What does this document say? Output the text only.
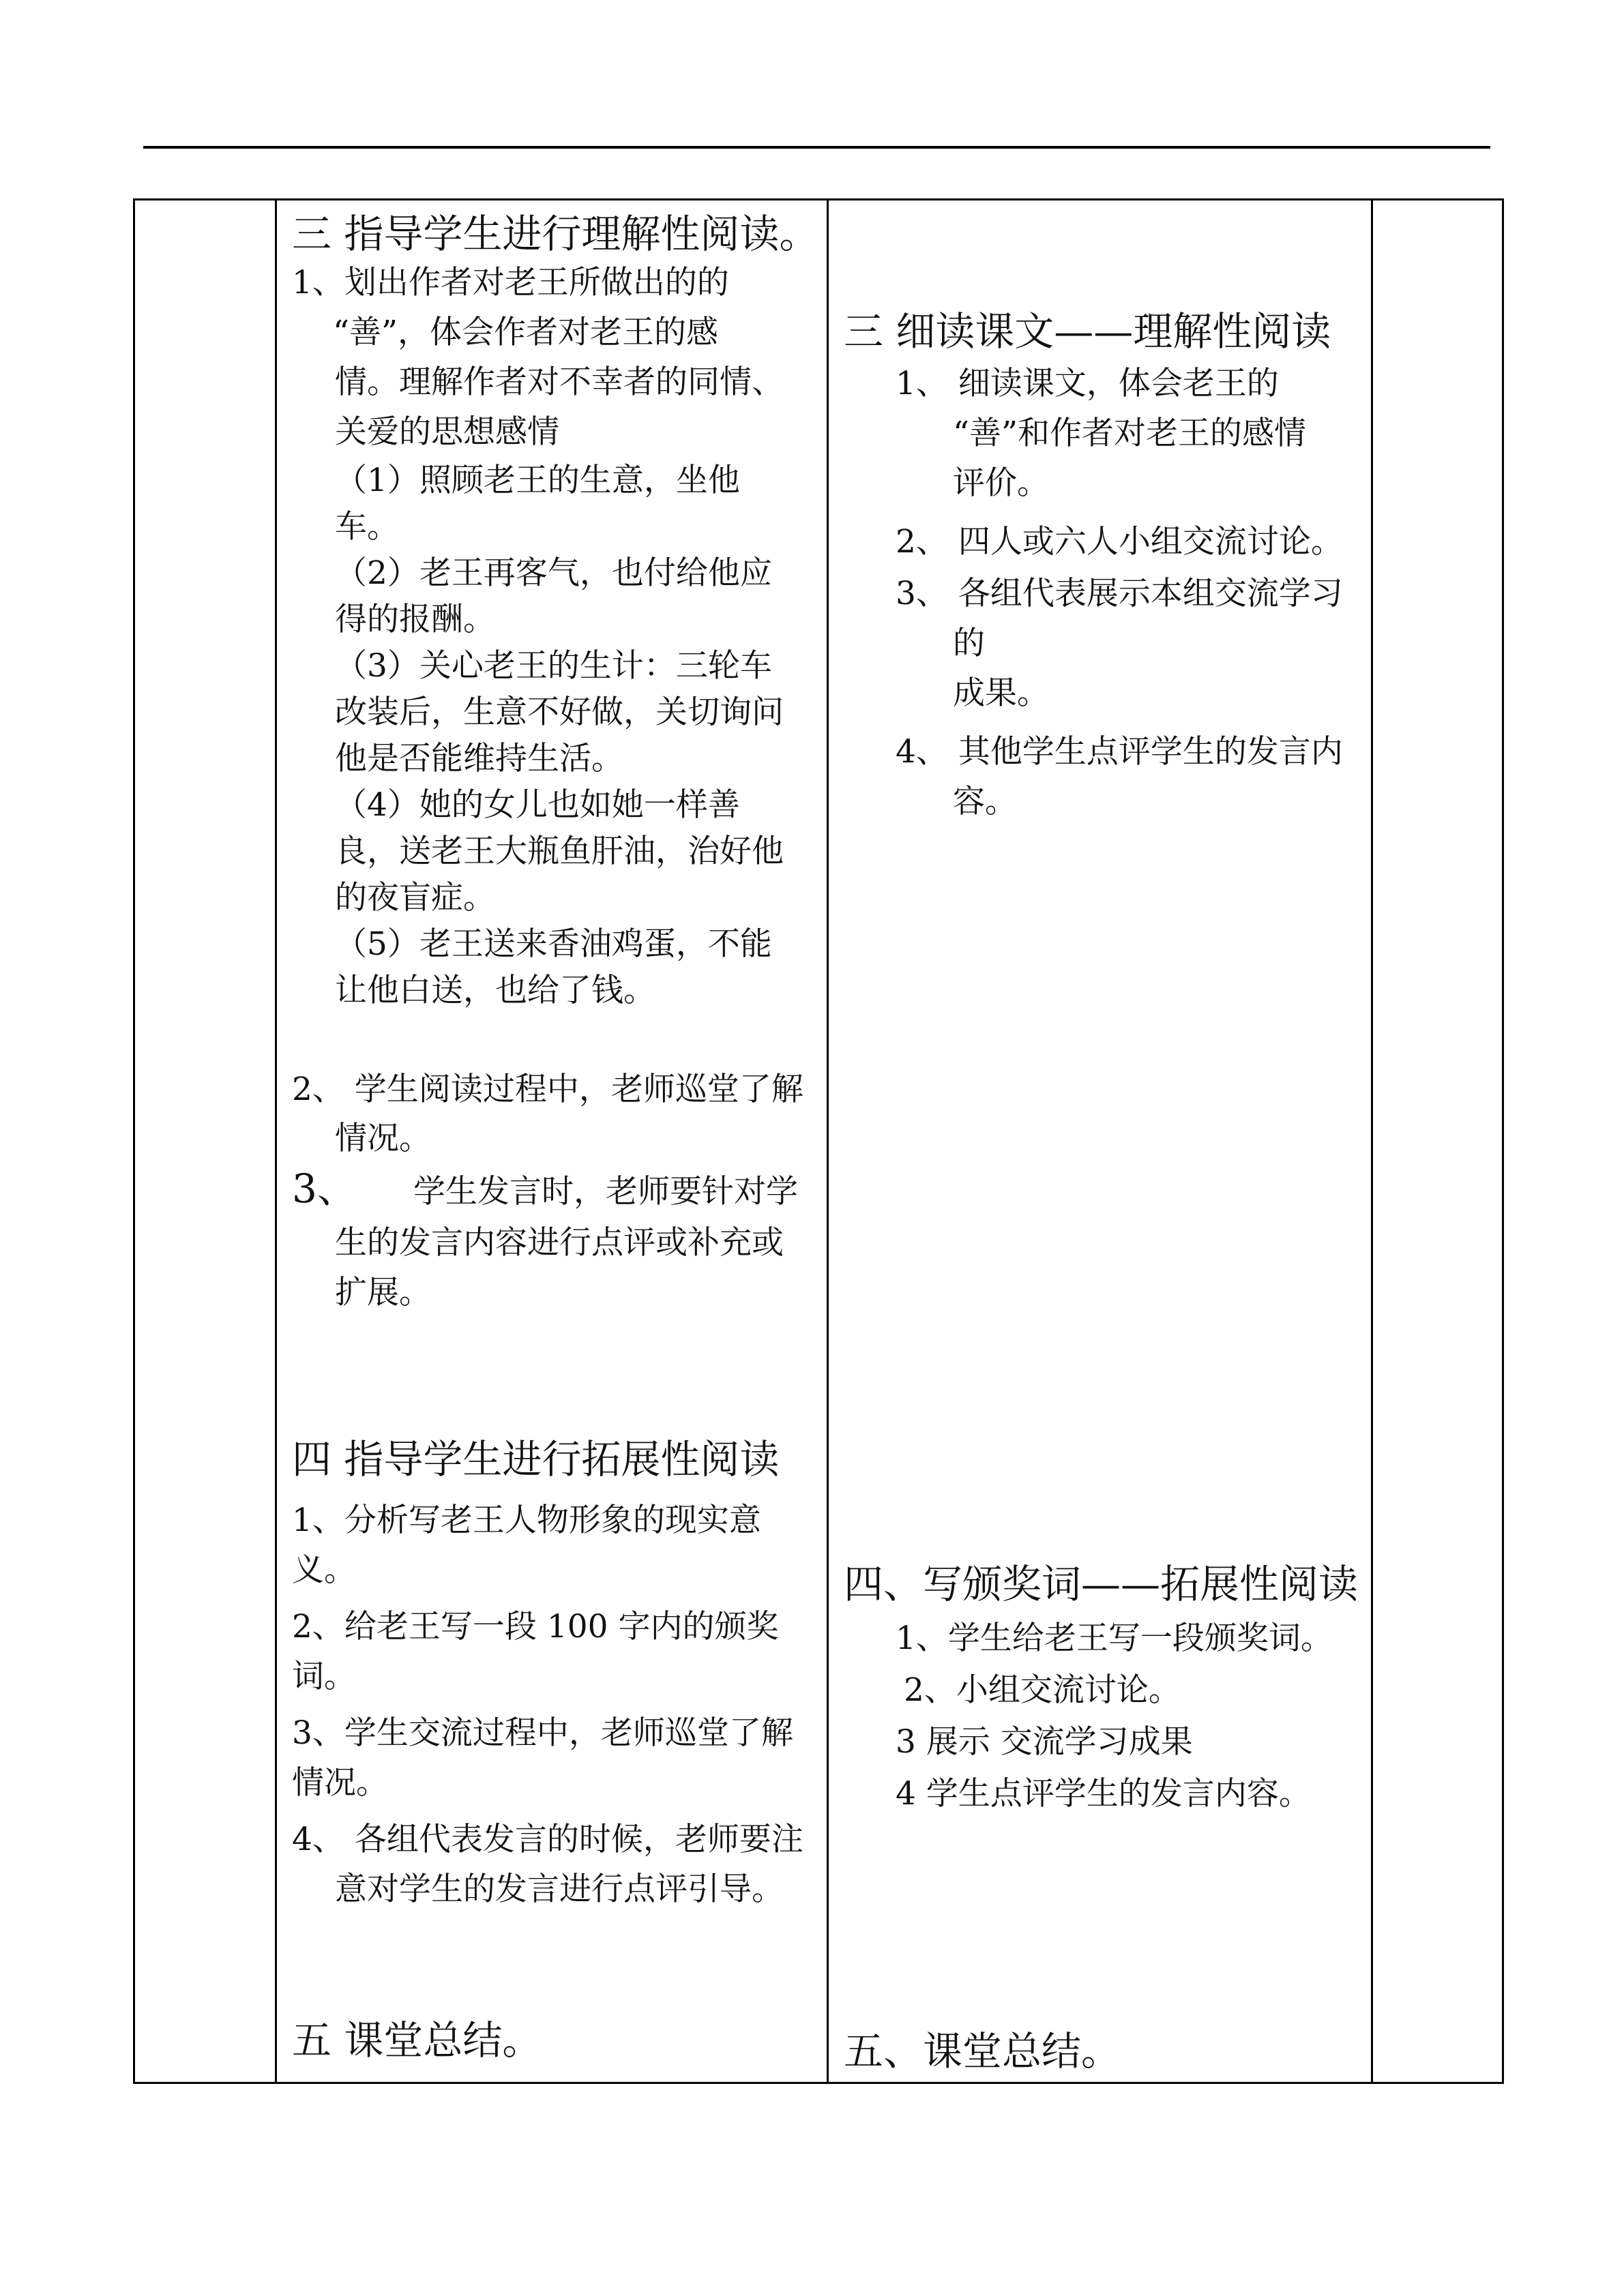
三 指导学生进行理解性阅读。
1、划出作者对老王所做出的的
“善”，体会作者对老王的感
情。理解作者对不幸者的同情、
关爱的思想感情
（1）照顾老王的生意，坐他
车。
（2）老王再客气，也付给他应
得的报酬。
（3）关心老王的生计：三轮车
改装后，生意不好做，关切询问
他是否能维持生活。
（4）她的女儿也如她一样善
良，送老王大瓶鱼肝油，治好他
的夜盲症。
（5）老王送来香油鸡蛋，不能
让他白送，也给了钱。
2、 学生阅读过程中，老师巡堂了解
情况。
3、 学生发言时，老师要针对学
生的发言内容进行点评或补充或
扩展。
四 指导学生进行拓展性阅读
1、分析写老王人物形象的现实意
义。
2、给老王写一段 100 字内的颁奖
词。
3、学生交流过程中，老师巡堂了解
情况。
4、 各组代表发言的时候，老师要注
意对学生的发言进行点评引导。
五 课堂总结。
三 细读课文——理解性阅读
1、 细读课文，体会老王的
“善”和作者对老王的感情
评价。
2、 四人或六人小组交流讨论。
3、 各组代表展示本组交流学习
的
成果。
4、 其他学生点评学生的发言内
容。
四、写颁奖词——拓展性阅读
1、学生给老王写一段颁奖词。
2、小组交流讨论。
3 展示 交流学习成果
4 学生点评学生的发言内容。
五、课堂总结。
